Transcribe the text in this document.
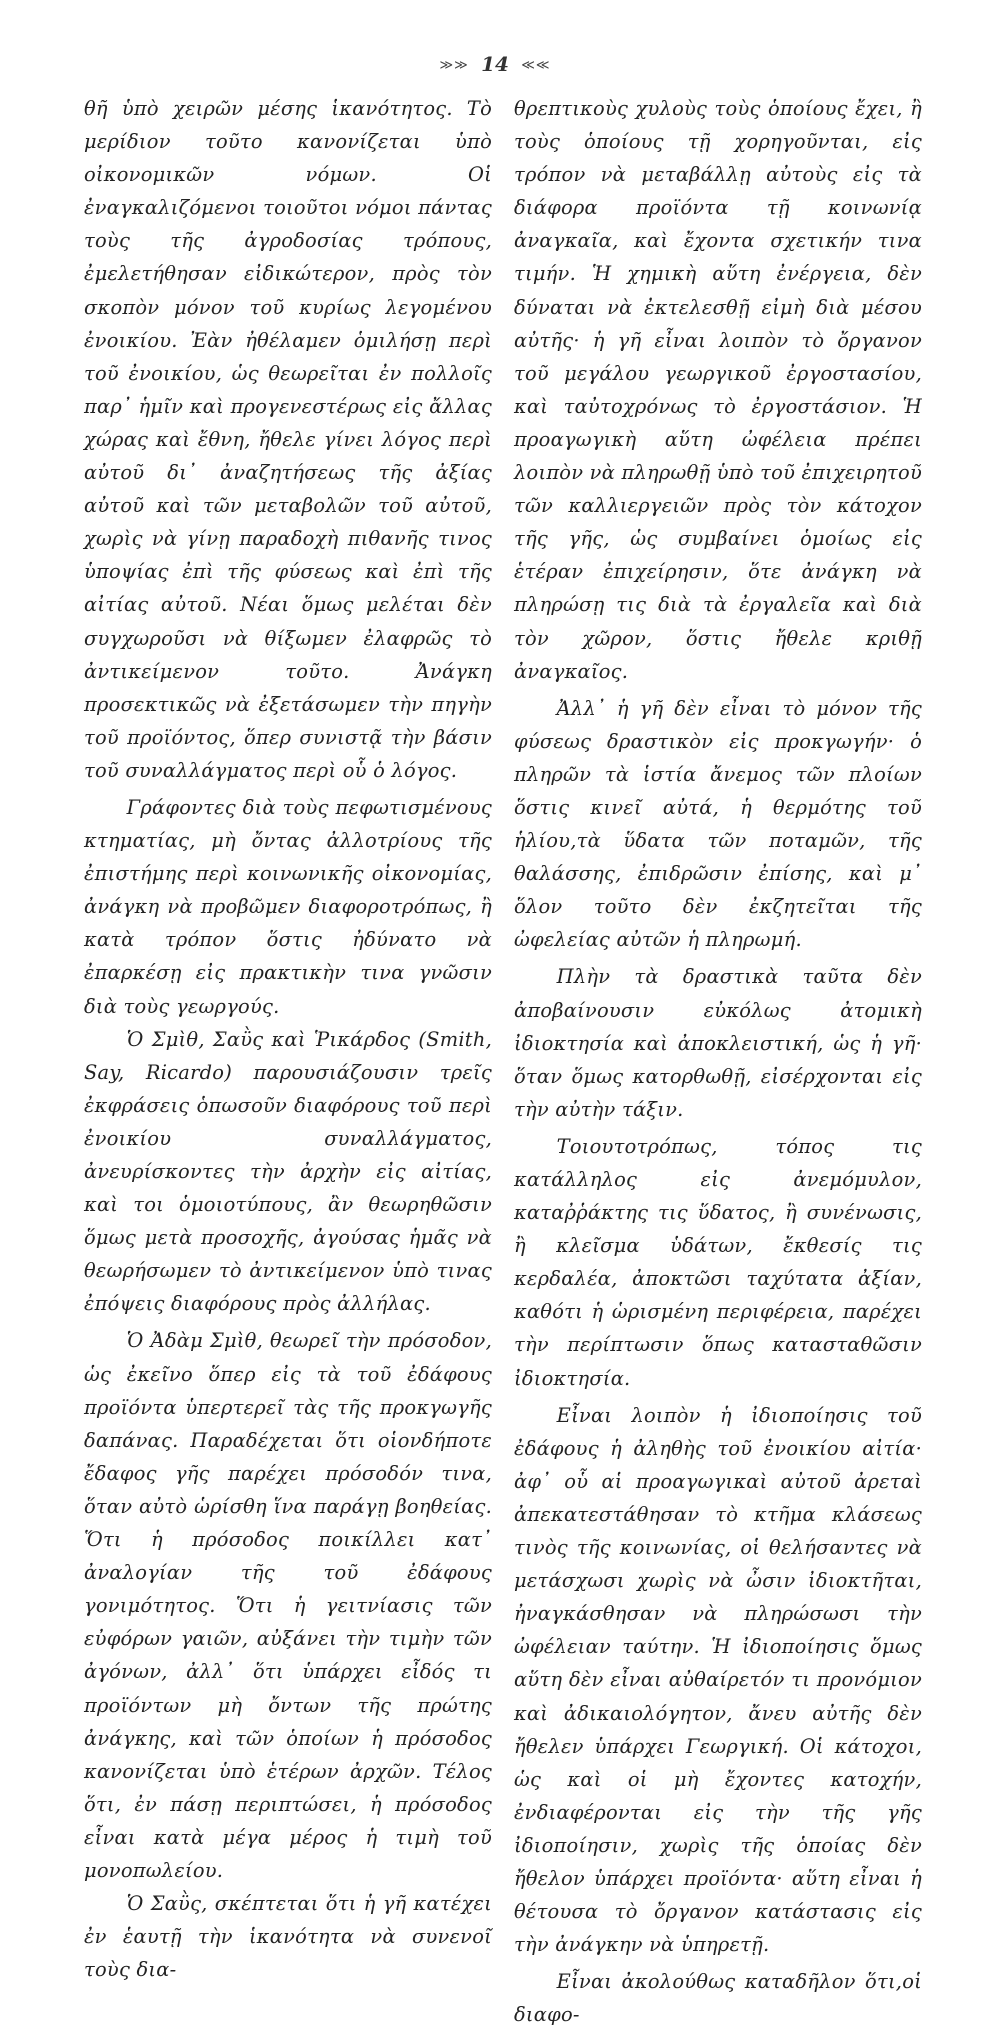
≫≫ 14 ≪≪

θῆ ὑπὸ χειρῶν μέσης ἱκανότητος. Τὸ μερίδιον τοῦτο κανονίζεται ὑπὸ οἰκονομικῶν νόμων. Οἱ ἐναγκαλιζόμενοι τοιοῦτοι νόμοι πάντας τοὺς τῆς ἀγροδοσίας τρόπους, ἐμελετήθησαν εἰδικώτερον, πρὸς τὸν σκοπὸν μόνον τοῦ κυρίως λεγομένου ἐνοικίου. Ἐὰν ἠθέλαμεν ὁμιλήσῃ περὶ τοῦ ἐνοικίου, ὡς θεωρεῖται ἐν πολλοῖς παρ᾿ ἡμῖν καὶ προγενεστέρως εἰς ἄλλας χώρας καὶ ἔθνη, ἤθελε γίνει λόγος περὶ αὐτοῦ δι᾿ ἀναζητήσεως τῆς ἀξίας αὐτοῦ καὶ τῶν μεταβολῶν τοῦ αὐτοῦ, χωρὶς νὰ γίνῃ παραδοχὴ πιθανῆς τινος ὑποψίας ἐπὶ τῆς φύσεως καὶ ἐπὶ τῆς αἰτίας αὐτοῦ. Νέαι ὅμως μελέται δὲν συγχωροῦσι νὰ θίξωμεν ἐλαφρῶς τὸ ἀντικείμενον τοῦτο. Ἀνάγκη προσεκτικῶς νὰ ἐξετάσωμεν τὴν πηγὴν τοῦ προϊόντος, ὅπερ συνιστᾷ τὴν βάσιν τοῦ συναλλάγματος περὶ οὗ ὁ λόγος.

Γράφοντες διὰ τοὺς πεφωτισμένους κτηματίας, μὴ ὄντας ἀλλοτρίους τῆς ἐπιστήμης περὶ κοινωνικῆς οἰκονομίας, ἀνάγκη νὰ προβῶμεν διαφοροτρόπως, ἢ κατὰ τρόπον ὅστις ἠδύνατο νὰ ἐπαρκέσῃ εἰς πρακτικὴν τινα γνῶσιν διὰ τοὺς γεωργούς.

Ὁ Σμὶθ, Σαῢς καὶ Ῥικάρδος (Smith, Say, Ricardo) παρουσιάζουσιν τρεῖς ἐκφράσεις ὁπωσοῦν διαφόρους τοῦ περὶ ἐνοικίου συναλλάγματος, ἀνευρίσκοντες τὴν ἀρχὴν εἰς αἰτίας, καὶ τοι ὁμοιοτύπους, ἂν θεωρηθῶσιν ὅμως μετὰ προσοχῆς, ἀγούσας ἡμᾶς νὰ θεωρήσωμεν τὸ ἀντικείμενον ὑπὸ τινας ἐπόψεις διαφόρους πρὸς ἀλλήλας.

Ὁ Ἀδὰμ Σμὶθ, θεωρεῖ τὴν πρόσοδον, ὡς ἐκεῖνο ὅπερ εἰς τὰ τοῦ ἐδάφους προϊόντα ὑπερτερεῖ τὰς τῆς προκγωγῆς δαπάνας. Παραδέχεται ὅτι οἱονδήποτε ἔδαφος γῆς παρέχει πρόσοδόν τινα, ὅταν αὐτὸ ὡρίσθη ἵνα παράγῃ βοηθείας. Ὅτι ἡ πρόσοδος ποικίλλει κατ᾿ ἀναλογίαν τῆς τοῦ ἐδάφους γονιμότητος. Ὅτι ἡ γειτνίασις τῶν εὐφόρων γαιῶν, αὐξάνει τὴν τιμὴν τῶν ἀγόνων, ἀλλ᾿ ὅτι ὑπάρχει εἶδός τι προϊόντων μὴ ὄντων τῆς πρώτης ἀνάγκης, καὶ τῶν ὁποίων ἡ πρόσοδος κανονίζεται ὑπὸ ἑτέρων ἀρχῶν. Τέλος ὅτι, ἐν πάσῃ περιπτώσει, ἡ πρόσοδος εἶναι κατὰ μέγα μέρος ἡ τιμὴ τοῦ μονοπωλείου.

Ὁ Σαῢς, σκέπτεται ὅτι ἡ γῆ κατέχει ἐν ἑαυτῇ τὴν ἱκανότητα νὰ συνενοῖ τοὺς δια-

θρεπτικοὺς χυλοὺς τοὺς ὁποίους ἔχει, ἢ τοὺς ὁποίους τῇ χορηγοῦνται, εἰς τρόπον νὰ μεταβάλλῃ αὐτοὺς εἰς τὰ διάφορα προϊόντα τῇ κοινωνίᾳ ἀναγκαῖα, καὶ ἔχοντα σχετικήν τινα τιμήν. Ἡ χημικὴ αὕτη ἐνέργεια, δὲν δύναται νὰ ἐκτελεσθῇ εἰμὴ διὰ μέσου αὐτῆς· ἡ γῆ εἶναι λοιπὸν τὸ ὄργανον τοῦ μεγάλου γεωργικοῦ ἐργοστασίου, καὶ ταὐτοχρόνως τὸ ἐργοστάσιον. Ἡ προαγωγικὴ αὕτη ὠφέλεια πρέπει λοιπὸν νὰ πληρωθῇ ὑπὸ τοῦ ἐπιχειρητοῦ τῶν καλλιεργειῶν πρὸς τὸν κάτοχον τῆς γῆς, ὡς συμβαίνει ὁμοίως εἰς ἑτέραν ἐπιχείρησιν, ὅτε ἀνάγκη νὰ πληρώσῃ τις διὰ τὰ ἐργαλεῖα καὶ διὰ τὸν χῶρον, ὅστις ἤθελε κριθῇ ἀναγκαῖος.

Ἀλλ᾿ ἡ γῆ δὲν εἶναι τὸ μόνον τῆς φύσεως δραστικὸν εἰς προκγωγήν· ὁ πληρῶν τὰ ἱστία ἄνεμος τῶν πλοίων ὅστις κινεῖ αὐτά, ἡ θερμότης τοῦ ἡλίου,τὰ ὕδατα τῶν ποταμῶν, τῆς θαλάσσης, ἐπιδρῶσιν ἐπίσης, καὶ μ᾿ ὅλον τοῦτο δὲν ἐκζητεῖται τῆς ὠφελείας αὐτῶν ἡ πληρωμή.

Πλὴν τὰ δραστικὰ ταῦτα δὲν ἀποβαίνουσιν εὐκόλως ἀτομικὴ ἰδιοκτησία καὶ ἀποκλειστική, ὡς ἡ γῆ· ὅταν ὅμως κατορθωθῇ, εἰσέρχονται εἰς τὴν αὐτὴν τάξιν.

Τοιουτοτρόπως, τόπος τις κατάλληλος εἰς ἀνεμόμυλον, καταῤῥάκτης τις ὕδατος, ἢ συνένωσις, ἢ κλεῖσμα ὑδάτων, ἔκθεσίς τις κερδαλέα, ἀποκτῶσι ταχύτατα ἀξίαν, καθότι ἡ ὡρισμένη περιφέρεια, παρέχει τὴν περίπτωσιν ὅπως κατασταθῶσιν ἰδιοκτησία.

Εἶναι λοιπὸν ἡ ἰδιοποίησις τοῦ ἐδάφους ἡ ἀληθὴς τοῦ ἐνοικίου αἰτία· ἀφ᾿ οὗ αἱ προαγωγικαὶ αὐτοῦ ἀρεταὶ ἀπεκατεστάθησαν τὸ κτῆμα κλάσεως τινὸς τῆς κοινωνίας, οἱ θελήσαντες νὰ μετάσχωσι χωρὶς νὰ ὦσιν ἰδιοκτῆται, ἠναγκάσθησαν νὰ πληρώσωσι τὴν ὠφέλειαν ταύτην. Ἡ ἰδιοποίησις ὅμως αὕτη δὲν εἶναι αὐθαίρετόν τι προνόμιον καὶ ἀδικαιολόγητον, ἄνευ αὐτῆς δὲν ἤθελεν ὑπάρχει Γεωργική. Οἱ κάτοχοι, ὡς καὶ οἱ μὴ ἔχοντες κατοχήν, ἐνδιαφέρονται εἰς τὴν τῆς γῆς ἰδιοποίησιν, χωρὶς τῆς ὁποίας δὲν ἤθελον ὑπάρχει προϊόντα· αὕτη εἶναι ἡ θέτουσα τὸ ὄργανον κατάστασις εἰς τὴν ἀνάγκην νὰ ὑπηρετῇ.

Εἶναι ἀκολούθως καταδῆλον ὅτι,οἱ διαφο-
